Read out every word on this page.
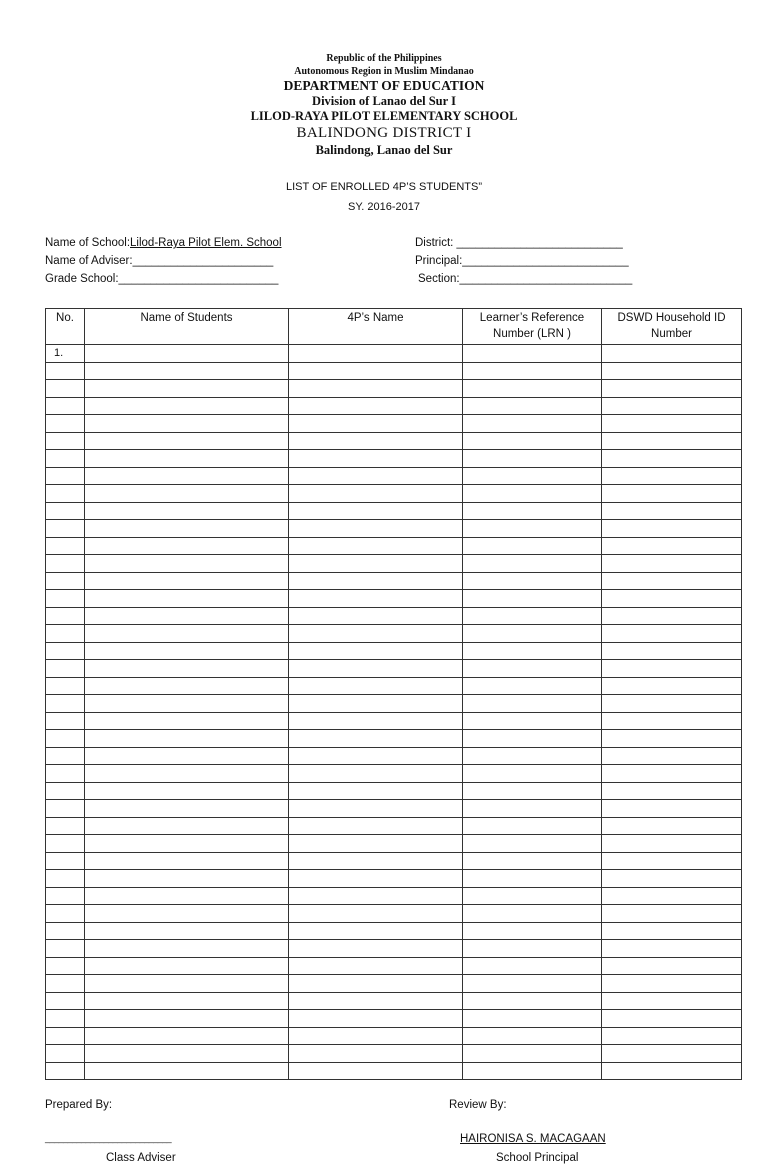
Republic of the Philippines
Autonomous Region in Muslim Mindanao
DEPARTMENT OF EDUCATION
Division of Lanao del Sur I
LILOD-RAYA PILOT ELEMENTARY SCHOOL
BALINDONG DISTRICT I
Balindong, Lanao del Sur
LIST OF ENROLLED 4P’S STUDENTS”
SY. 2016-2017
Name of School:Lilod-Raya Pilot Elem. School
Name of Adviser:______________________
Grade School:_________________________
District: __________________________
Principal:__________________________
Section:___________________________
No.	Name of Students	4P’s Name	Learner’s Reference Number (LRN )	DSWD Household ID Number
1.				

Prepared By:	Review By:
____________________________	HAIRONISA S. MACAGAAN
Class Adviser	School Principal
